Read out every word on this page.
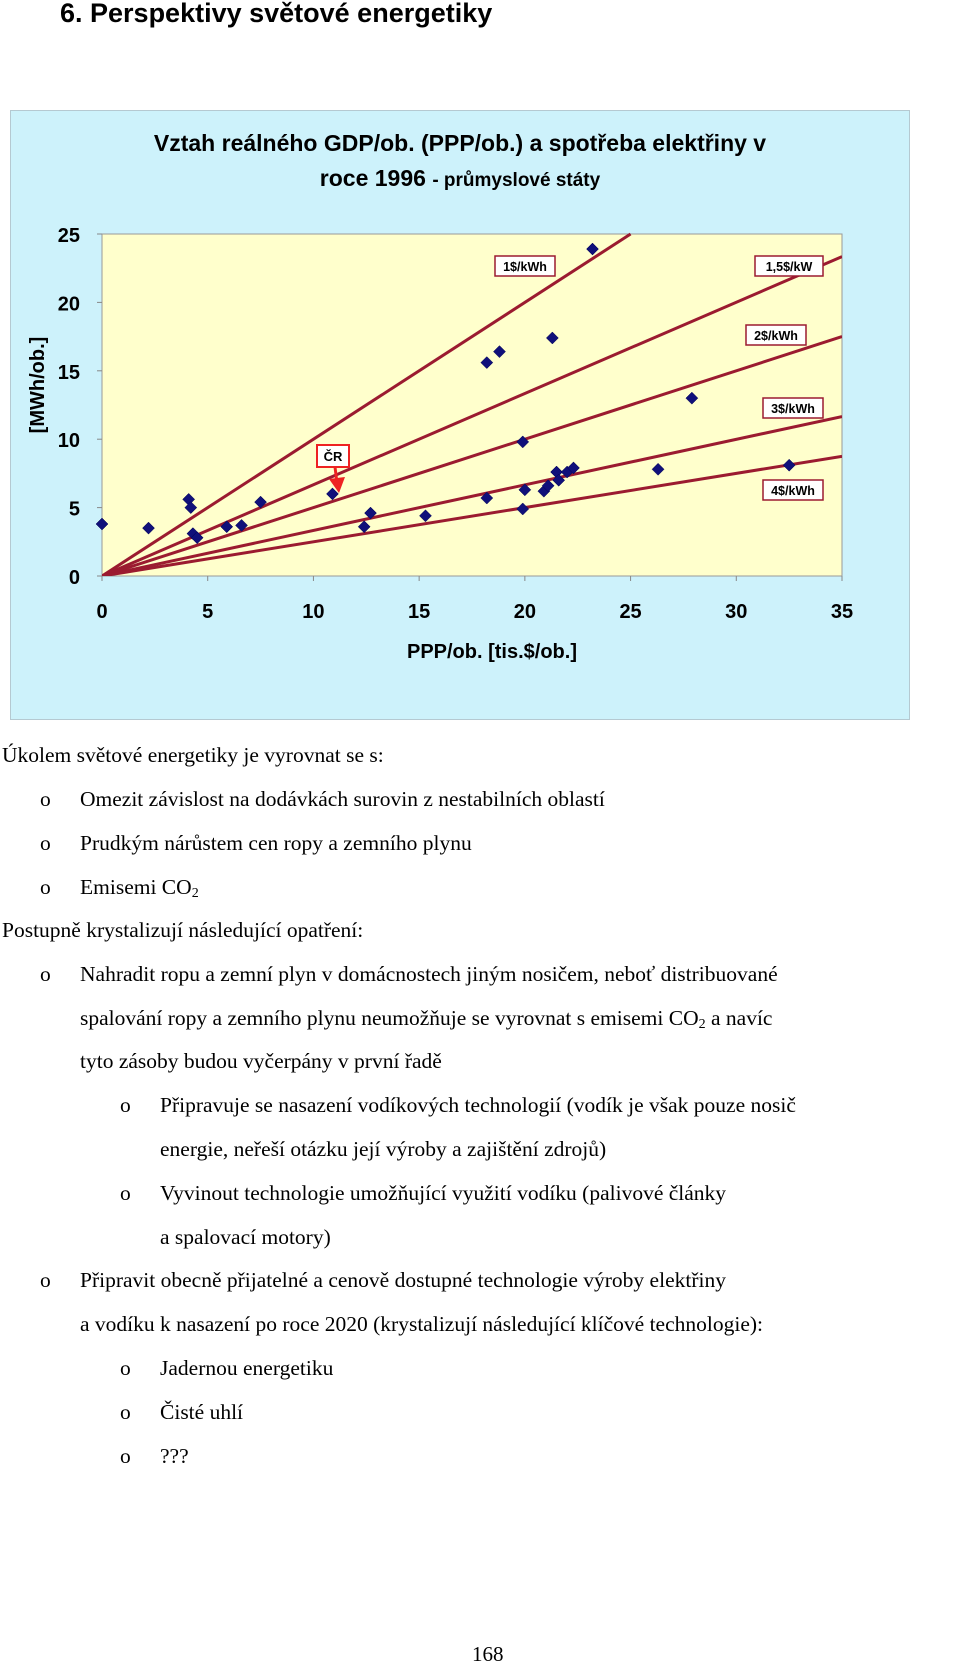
6. Perspektivy světové energetiky
Vztah reálného GDP/ob. (PPP/ob.) a spotřeba elektřiny v
roce 1996 - průmyslové státy
0
5
10
15
20
25
0	5	10	15	20	25	30	35
PPP/ob. [tis.$/ob.]
[MWh/ob.]
1$/kWh	1,5$/kW
2$/kWh
3$/kWh
4$/kWh
ČR
Úkolem světové energetiky je vyrovnat se s:
o Omezit závislost na dodávkách surovin z nestabilních oblastí
o Prudkým nárůstem cen ropy a zemního plynu
o Emisemi $CO_2$
Postupně krystalizují následující opatření:
o Nahradit ropu a zemní plyn v domácnostech jiným nosičem, neboť distribuované
spalování ropy a zemního plynu neumožňuje se vyrovnat s emisemi $CO_2$ a navíc
tyto zásoby budou vyčerpány v první řadě
o Připravuje se nasazení vodíkových technologií (vodík je však pouze nosič
energie, neřeší otázku její výroby a zajištění zdrojů)
o Vyvinout technologie umožňující využití vodíku (palivové články
a spalovací motory)
o Připravit obecně přijatelné a cenově dostupné technologie výroby elektřiny
a vodíku k nasazení po roce 2020 (krystalizují následující klíčové technologie):
o Jadernou energetiku
o Čisté uhlí
o ???
168
